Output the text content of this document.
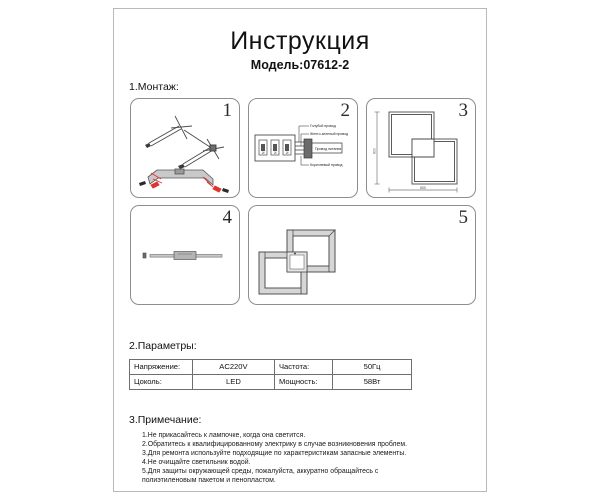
Инструкция
Модель:07612-2
1.Монтаж:
1	2
N N N
Голубой провод
Желто-зеленый провод
Провод питания
Коричневый провод
3
600
600
4	5
2.Параметры:
Напряжение:	AC220V	Частота:	50Гц
Цоколь:	LED	Мощность:	58Вт
3.Примечание:
1.Не прикасайтесь к лампочке, когда она светится.
2.Обратитесь к квалифицированному электрику в случае возникновения проблем.
3.Для ремонта используйте подходящие по характеристикам запасные элементы.
4.Не очищайте светильник водой.
5.Для защиты окружающей среды, пожалуйста, аккуратно обращайтесь с
полиэтиленовым пакетом и пенопластом.
